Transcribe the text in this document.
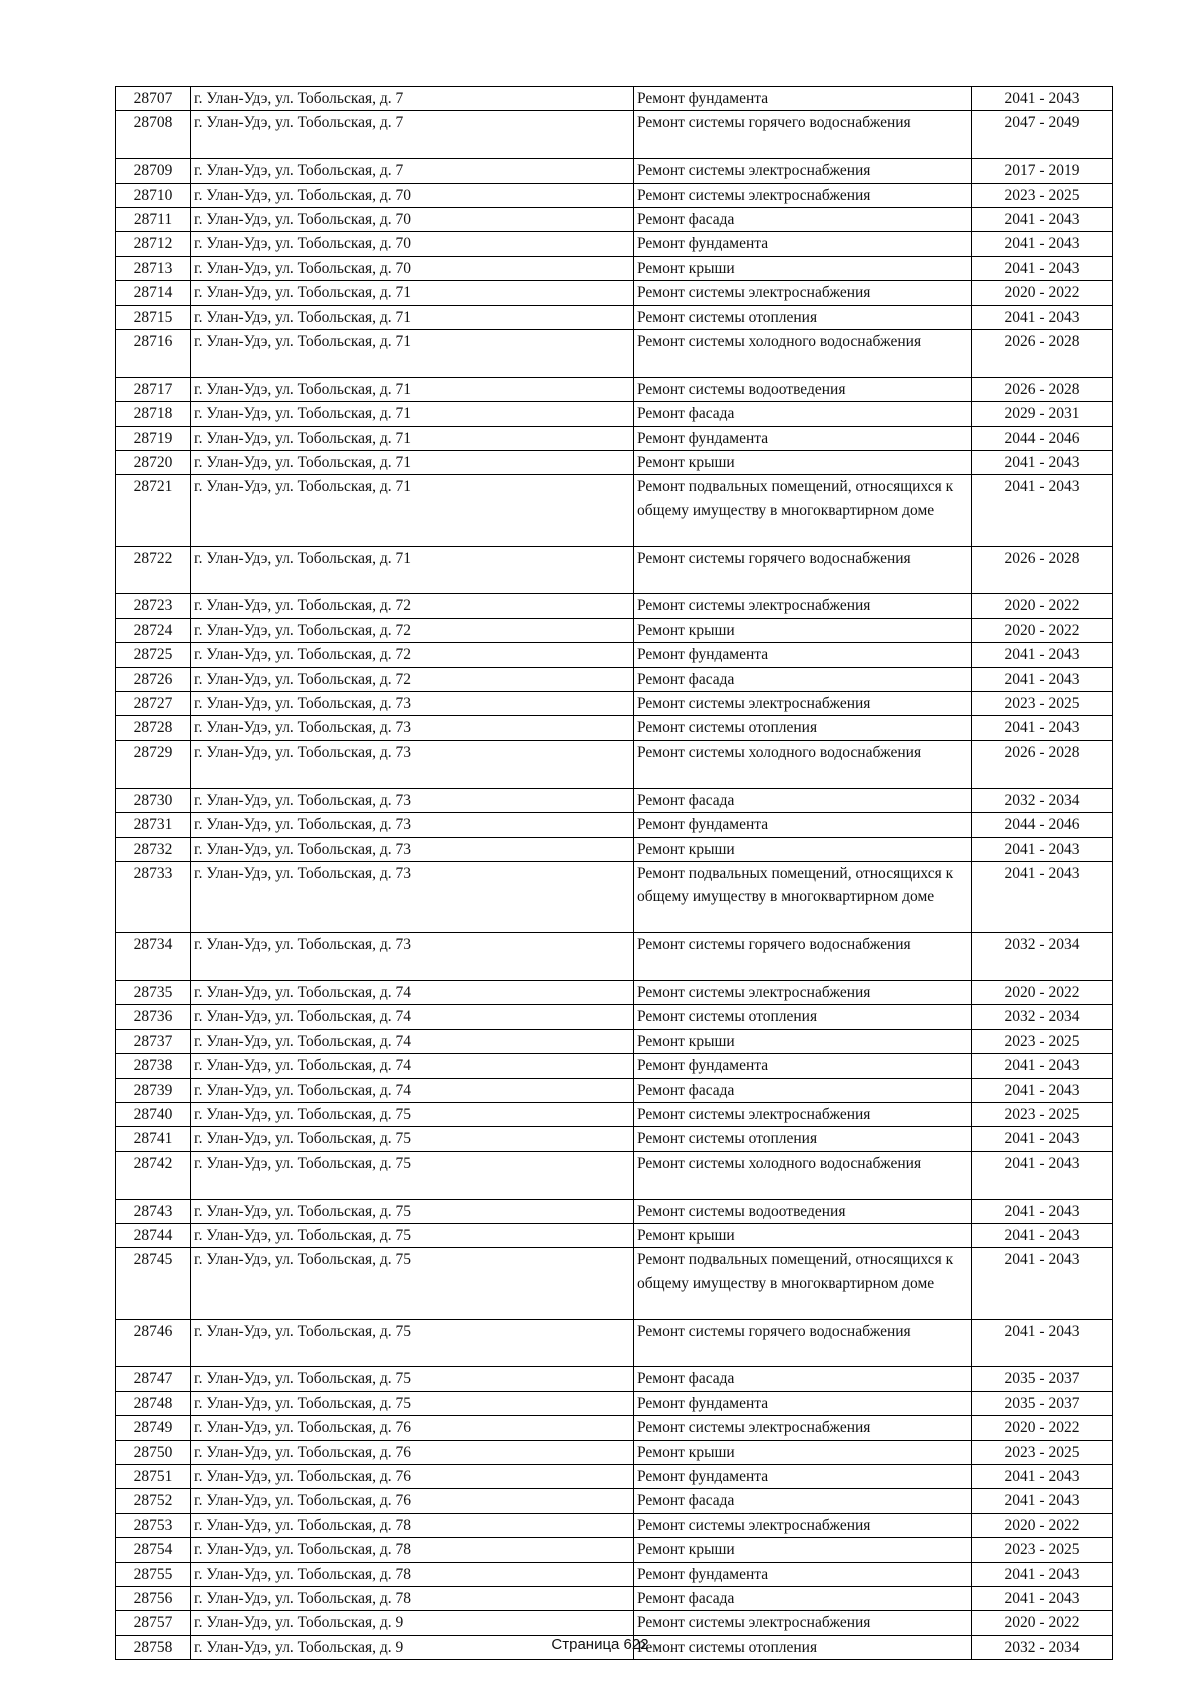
28707	г. Улан-Удэ, ул. Тобольская, д. 7	Ремонт фундамента	2041 - 2043
28708	г. Улан-Удэ, ул. Тобольская, д. 7	Ремонт системы горячего водоснабжения	2047 - 2049
28709	г. Улан-Удэ, ул. Тобольская, д. 7	Ремонт системы электроснабжения	2017 - 2019
28710	г. Улан-Удэ, ул. Тобольская, д. 70	Ремонт системы электроснабжения	2023 - 2025
28711	г. Улан-Удэ, ул. Тобольская, д. 70	Ремонт фасада	2041 - 2043
28712	г. Улан-Удэ, ул. Тобольская, д. 70	Ремонт фундамента	2041 - 2043
28713	г. Улан-Удэ, ул. Тобольская, д. 70	Ремонт крыши	2041 - 2043
28714	г. Улан-Удэ, ул. Тобольская, д. 71	Ремонт системы электроснабжения	2020 - 2022
28715	г. Улан-Удэ, ул. Тобольская, д. 71	Ремонт системы отопления	2041 - 2043
28716	г. Улан-Удэ, ул. Тобольская, д. 71	Ремонт системы холодного водоснабжения	2026 - 2028
28717	г. Улан-Удэ, ул. Тобольская, д. 71	Ремонт системы водоотведения	2026 - 2028
28718	г. Улан-Удэ, ул. Тобольская, д. 71	Ремонт фасада	2029 - 2031
28719	г. Улан-Удэ, ул. Тобольская, д. 71	Ремонт фундамента	2044 - 2046
28720	г. Улан-Удэ, ул. Тобольская, д. 71	Ремонт крыши	2041 - 2043
28721	г. Улан-Удэ, ул. Тобольская, д. 71	Ремонт подвальных помещений, относящихся к общему имуществу в многоквартирном доме	2041 - 2043
28722	г. Улан-Удэ, ул. Тобольская, д. 71	Ремонт системы горячего водоснабжения	2026 - 2028
28723	г. Улан-Удэ, ул. Тобольская, д. 72	Ремонт системы электроснабжения	2020 - 2022
28724	г. Улан-Удэ, ул. Тобольская, д. 72	Ремонт крыши	2020 - 2022
28725	г. Улан-Удэ, ул. Тобольская, д. 72	Ремонт фундамента	2041 - 2043
28726	г. Улан-Удэ, ул. Тобольская, д. 72	Ремонт фасада	2041 - 2043
28727	г. Улан-Удэ, ул. Тобольская, д. 73	Ремонт системы электроснабжения	2023 - 2025
28728	г. Улан-Удэ, ул. Тобольская, д. 73	Ремонт системы отопления	2041 - 2043
28729	г. Улан-Удэ, ул. Тобольская, д. 73	Ремонт системы холодного водоснабжения	2026 - 2028
28730	г. Улан-Удэ, ул. Тобольская, д. 73	Ремонт фасада	2032 - 2034
28731	г. Улан-Удэ, ул. Тобольская, д. 73	Ремонт фундамента	2044 - 2046
28732	г. Улан-Удэ, ул. Тобольская, д. 73	Ремонт крыши	2041 - 2043
28733	г. Улан-Удэ, ул. Тобольская, д. 73	Ремонт подвальных помещений, относящихся к общему имуществу в многоквартирном доме	2041 - 2043
28734	г. Улан-Удэ, ул. Тобольская, д. 73	Ремонт системы горячего водоснабжения	2032 - 2034
28735	г. Улан-Удэ, ул. Тобольская, д. 74	Ремонт системы электроснабжения	2020 - 2022
28736	г. Улан-Удэ, ул. Тобольская, д. 74	Ремонт системы отопления	2032 - 2034
28737	г. Улан-Удэ, ул. Тобольская, д. 74	Ремонт крыши	2023 - 2025
28738	г. Улан-Удэ, ул. Тобольская, д. 74	Ремонт фундамента	2041 - 2043
28739	г. Улан-Удэ, ул. Тобольская, д. 74	Ремонт фасада	2041 - 2043
28740	г. Улан-Удэ, ул. Тобольская, д. 75	Ремонт системы электроснабжения	2023 - 2025
28741	г. Улан-Удэ, ул. Тобольская, д. 75	Ремонт системы отопления	2041 - 2043
28742	г. Улан-Удэ, ул. Тобольская, д. 75	Ремонт системы холодного водоснабжения	2041 - 2043
28743	г. Улан-Удэ, ул. Тобольская, д. 75	Ремонт системы водоотведения	2041 - 2043
28744	г. Улан-Удэ, ул. Тобольская, д. 75	Ремонт крыши	2041 - 2043
28745	г. Улан-Удэ, ул. Тобольская, д. 75	Ремонт подвальных помещений, относящихся к общему имуществу в многоквартирном доме	2041 - 2043
28746	г. Улан-Удэ, ул. Тобольская, д. 75	Ремонт системы горячего водоснабжения	2041 - 2043
28747	г. Улан-Удэ, ул. Тобольская, д. 75	Ремонт фасада	2035 - 2037
28748	г. Улан-Удэ, ул. Тобольская, д. 75	Ремонт фундамента	2035 - 2037
28749	г. Улан-Удэ, ул. Тобольская, д. 76	Ремонт системы электроснабжения	2020 - 2022
28750	г. Улан-Удэ, ул. Тобольская, д. 76	Ремонт крыши	2023 - 2025
28751	г. Улан-Удэ, ул. Тобольская, д. 76	Ремонт фундамента	2041 - 2043
28752	г. Улан-Удэ, ул. Тобольская, д. 76	Ремонт фасада	2041 - 2043
28753	г. Улан-Удэ, ул. Тобольская, д. 78	Ремонт системы электроснабжения	2020 - 2022
28754	г. Улан-Удэ, ул. Тобольская, д. 78	Ремонт крыши	2023 - 2025
28755	г. Улан-Удэ, ул. Тобольская, д. 78	Ремонт фундамента	2041 - 2043
28756	г. Улан-Удэ, ул. Тобольская, д. 78	Ремонт фасада	2041 - 2043
28757	г. Улан-Удэ, ул. Тобольская, д. 9	Ремонт системы электроснабжения	2020 - 2022
28758	г. Улан-Удэ, ул. Тобольская, д. 9	Ремонт системы отопления	2032 - 2034
Страница 622
